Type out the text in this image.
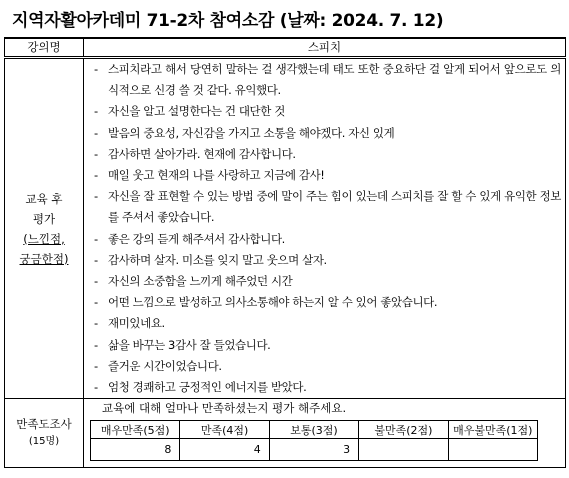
지역자활아카데미 71-2차 참여소감 (날짜: 2024. 7. 12)
강의명	스피치

교육 후
평가
(느낀점,
궁금한점)

- 스피치라고 해서 당연히 말하는 걸 생각했는데 태도 또한 중요하단 걸 알게 되어서 앞으로도 의식적으로 신경 쓸 것 같다. 유익했다.
- 자신을 알고 설명한다는 건 대단한 것
- 발음의 중요성, 자신감을 가지고 소통을 해야겠다. 자신 있게
- 감사하면 살아가라. 현재에 감사합니다.
- 매일 웃고 현재의 나를 사랑하고 지금에 감사!
- 자신을 잘 표현할 수 있는 방법 중에 말이 주는 힘이 있는데 스피치를 잘 할 수 있게 유익한 정보를 주셔서 좋았습니다.
- 좋은 강의 듣게 해주셔서 감사합니다.
- 감사하며 살자. 미소를 잊지 말고 웃으며 살자.
- 자신의 소중함을 느끼게 해주었던 시간
- 어떤 느낌으로 발성하고 의사소통해야 하는지 알 수 있어 좋았습니다.
- 재미있네요.
- 삶을 바꾸는 3감사 잘 들었습니다.
- 즐거운 시간이었습니다.
- 엄청 경쾌하고 긍정적인 에너지를 받았다.

만족도조사
(15명)

교육에 대해 얼마나 만족하셨는지 평가 해주세요.
매우만족(5점)	만족(4점)	보통(3점)	불만족(2점)	매우불만족(1점)
8	4	3		
